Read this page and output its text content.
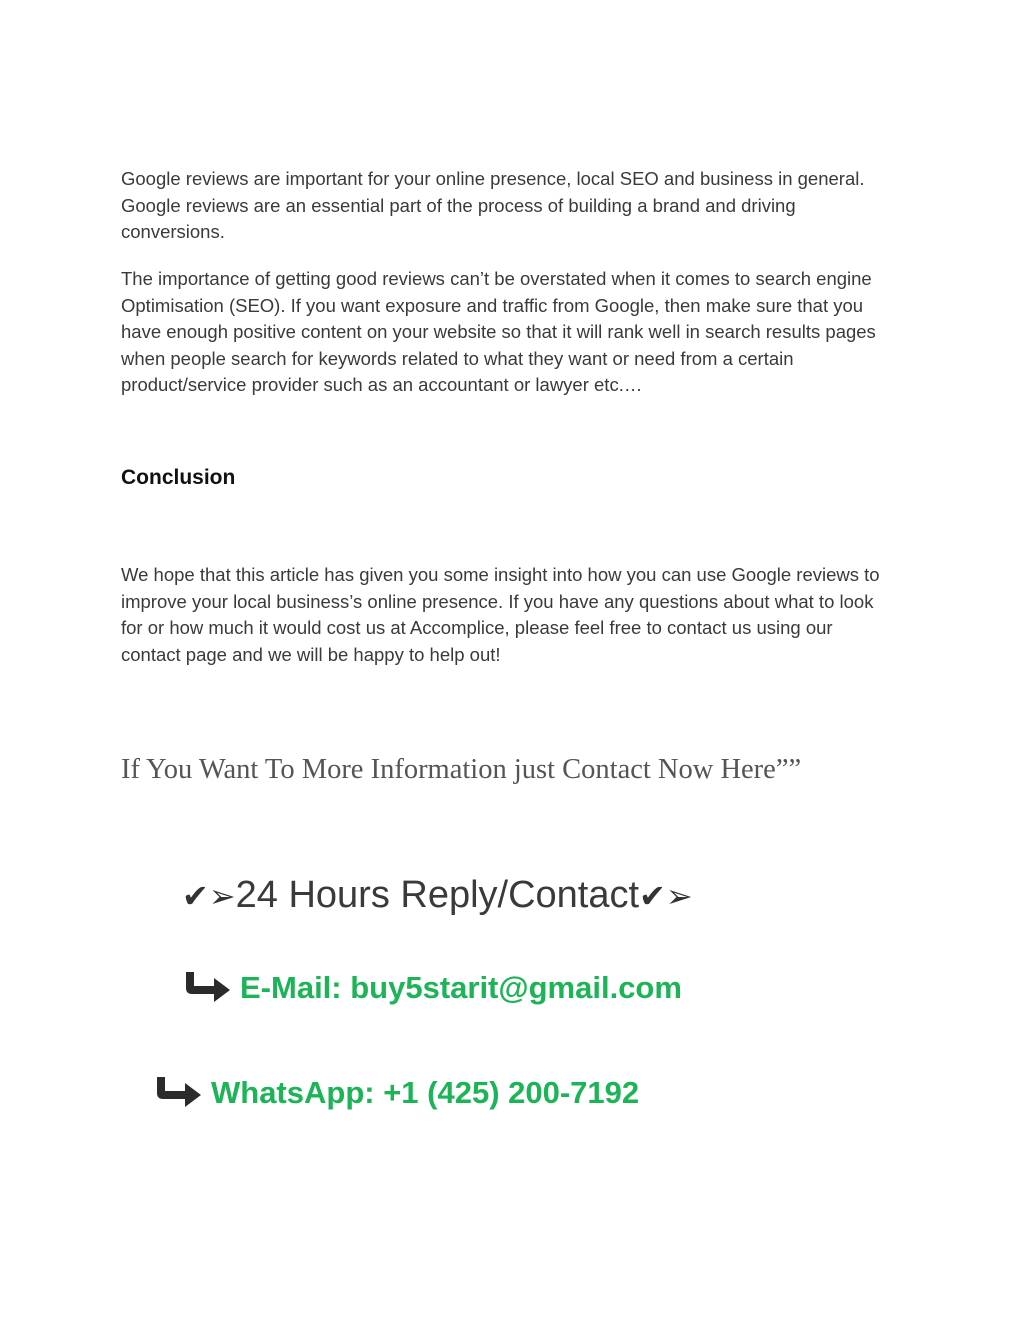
Google reviews are important for your online presence, local SEO and business in general. Google reviews are an essential part of the process of building a brand and driving conversions.

The importance of getting good reviews can’t be overstated when it comes to search engine Optimisation (SEO). If you want exposure and traffic from Google, then make sure that you have enough positive content on your website so that it will rank well in search results pages when people search for keywords related to what they want or need from a certain product/service provider such as an accountant or lawyer etc.…

Conclusion

We hope that this article has given you some insight into how you can use Google reviews to improve your local business’s online presence. If you have any questions about what to look for or how much it would cost us at Accomplice, please feel free to contact us using our contact page and we will be happy to help out!

If You Want To More Information just Contact Now Here””

✔➢ 24 Hours Reply/Contact ✔➢
E-Mail: buy5starit@gmail.com
WhatsApp: +1 (425) 200-7192
